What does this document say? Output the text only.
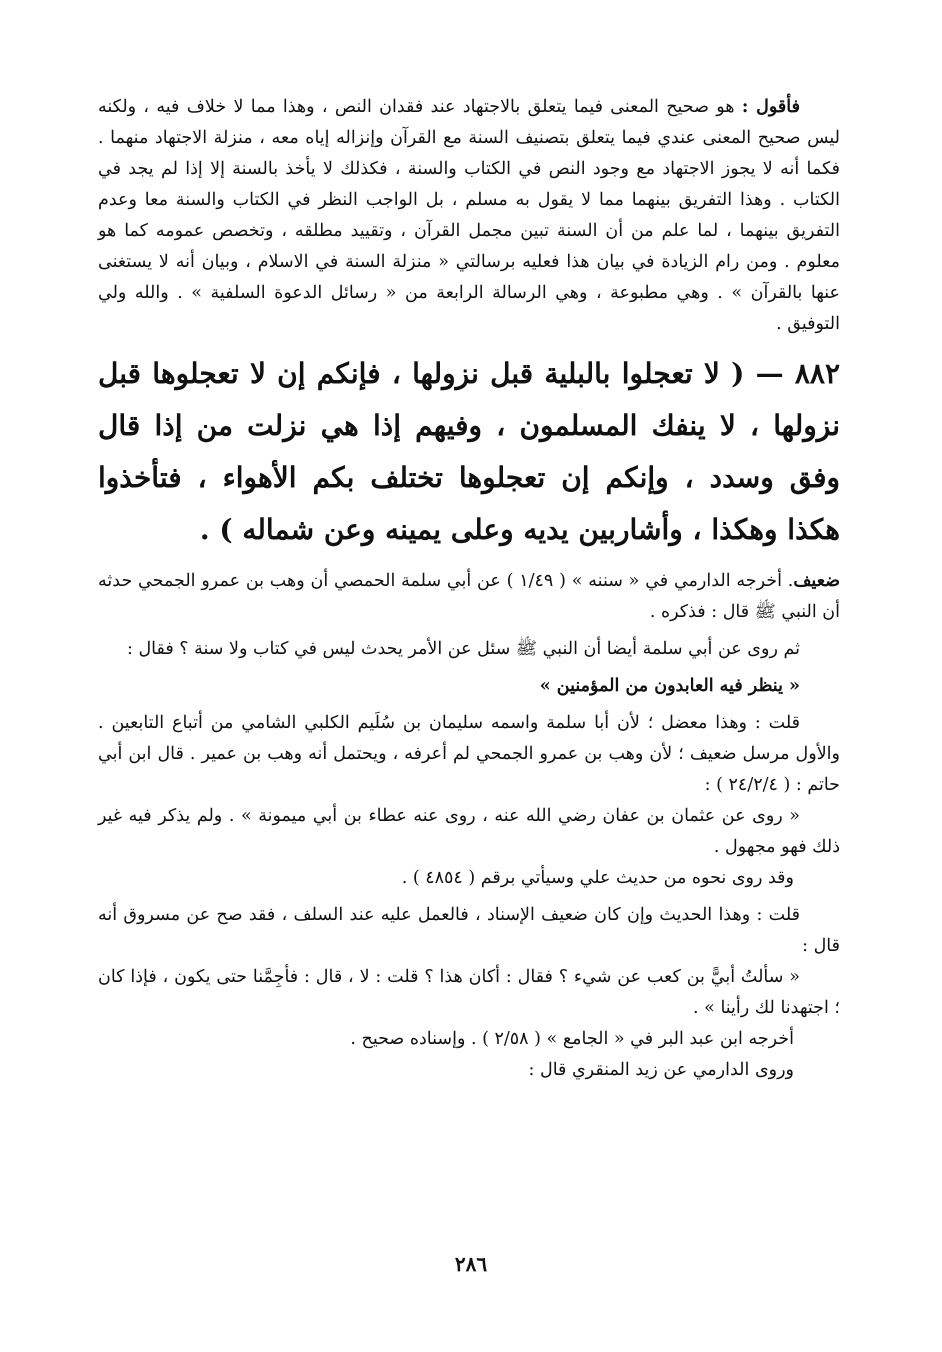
فأقول : هو صحيح المعنى فيما يتعلق بالاجتهاد عند فقدان النص ، وهذا مما لا خلاف فيه ، ولكنه ليس صحيح المعنى عندي فيما يتعلق بتصنيف السنة مع القرآن وإنزاله إياه معه ، منزلة الاجتهاد منهما . فكما أنه لا يجوز الاجتهاد مع وجود النص في الكتاب والسنة ، فكذلك لا يأخذ بالسنة إلا إذا لم يجد في الكتاب . وهذا التفريق بينهما مما لا يقول به مسلم ، بل الواجب النظر في الكتاب والسنة معا وعدم التفريق بينهما ، لما علم من أن السنة تبين مجمل القرآن ، وتقييد مطلقه ، وتخصص عمومه كما هو معلوم . ومن رام الزيادة في بيان هذا فعليه برسالتي « منزلة السنة في الاسلام ، وبيان أنه لا يستغنى عنها بالقرآن » . وهي مطبوعة ، وهي الرسالة الرابعة من « رسائل الدعوة السلفية » . والله ولي التوفيق .

٨٨٢ — ( لا تعجلوا بالبلية قبل نزولها ، فإنكم إن لا تعجلوها قبل نزولها ، لا ينفك المسلمون ، وفيهم إذا هي نزلت من إذا قال وفق وسدد ، وإنكم إن تعجلوها تختلف بكم الأهواء ، فتأخذوا هكذا وهكذا ، وأشاربين يديه وعلى يمينه وعن شماله ) .

ضعيف. أخرجه الدارمي في « سننه » ( ١/٤٩ ) عن أبي سلمة الحمصي أن وهب بن عمرو الجمحي حدثه أن النبي ﷺ قال : فذكره .

ثم روى عن أبي سلمة أيضا أن النبي ﷺ سئل عن الأمر يحدث ليس في كتاب ولا سنة ؟ فقال :

« ينظر فيه العابدون من المؤمنين »

قلت : وهذا معضل ؛ لأن أبا سلمة واسمه سليمان بن سُلَيم الكلبي الشامي من أتباع التابعين . والأول مرسل ضعيف ؛ لأن وهب بن عمرو الجمحي لم أعرفه ، ويحتمل أنه وهب بن عمير . قال ابن أبي حاتم : ( ٢٤/٢/٤ ) :

« روى عن عثمان بن عفان رضي الله عنه ، روى عنه عطاء بن أبي ميمونة » . ولم يذكر فيه غير ذلك فهو مجهول .

وقد روى نحوه من حديث علي وسيأتي برقم ( ٤٨٥٤ ) .

قلت : وهذا الحديث وإن كان ضعيف الإسناد ، فالعمل عليه عند السلف ، فقد صح عن مسروق أنه قال :

« سألتُ أبيًّ بن كعب عن شيء ؟ فقال : أكان هذا ؟ قلت : لا ، قال : فأجِمَّنا حتى يكون ، فإذا كان ؛ اجتهدنا لك رأينا » .

أخرجه ابن عبد البر في « الجامع » ( ٢/٥٨ ) . وإسناده صحيح .

وروى الدارمي عن زيد المنقري قال :

٢٨٦
